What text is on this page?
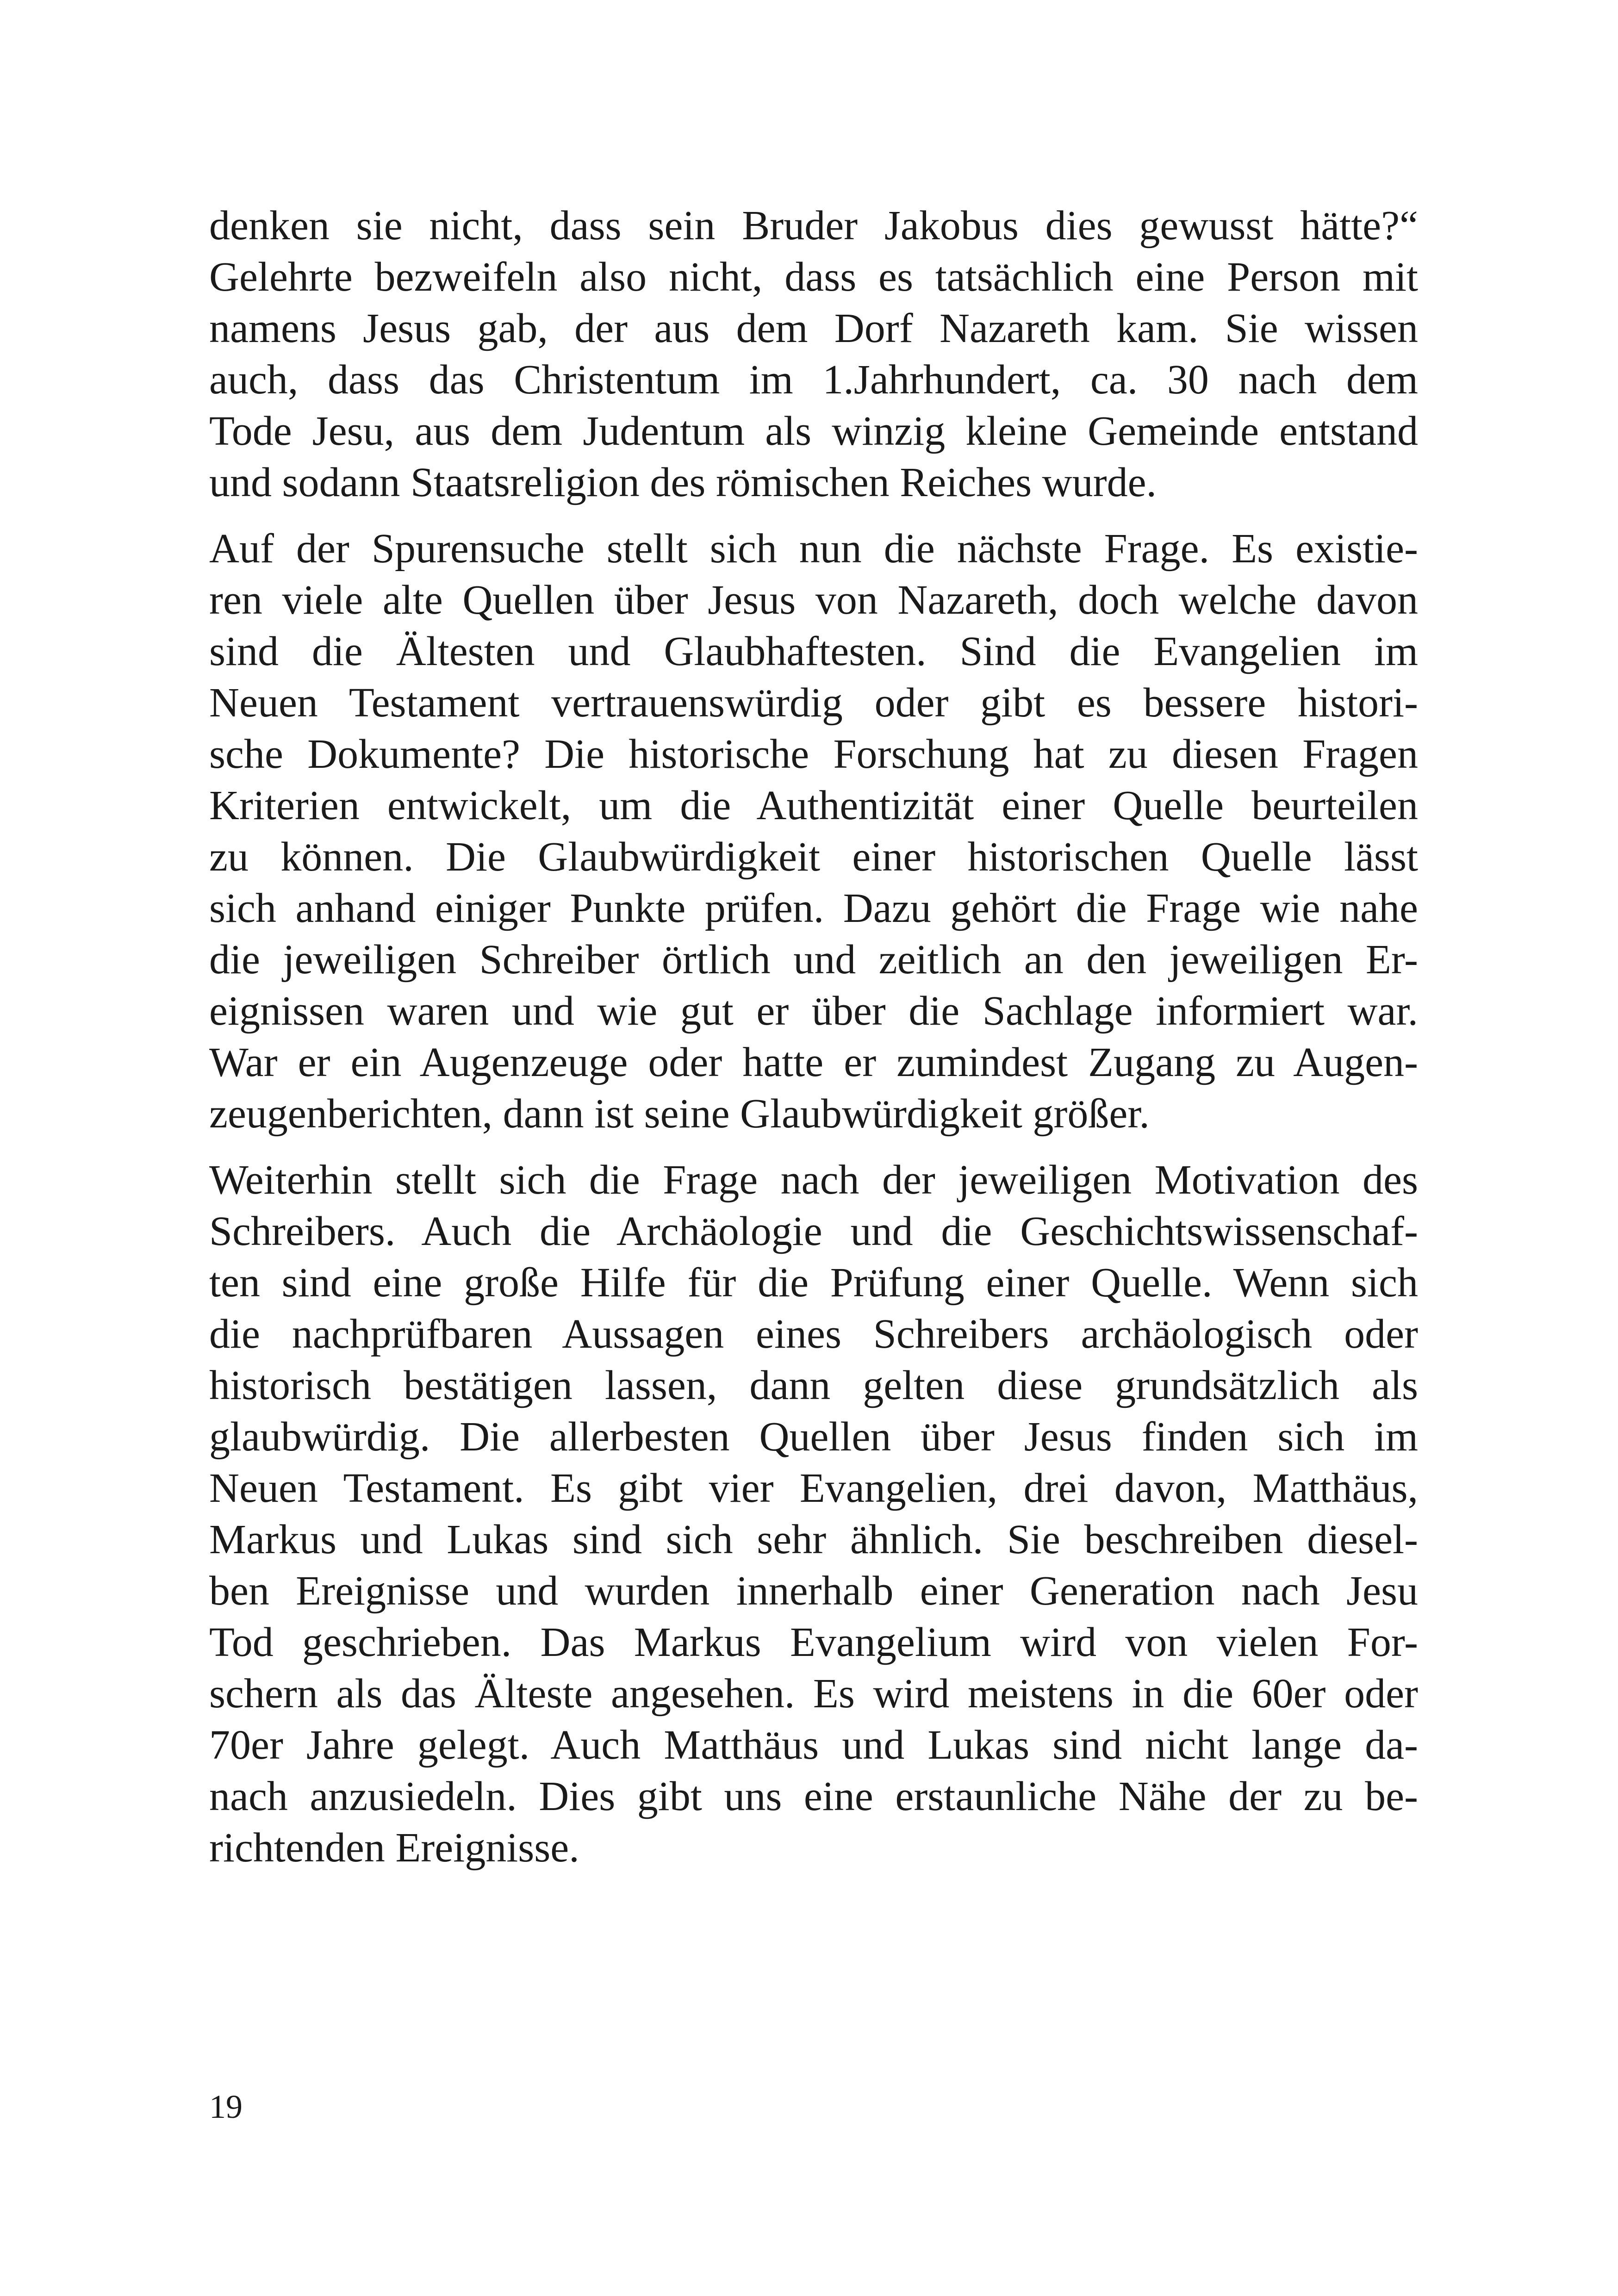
denken sie nicht, dass sein Bruder Jakobus dies gewusst hätte?“
Gelehrte bezweifeln also nicht, dass es tatsächlich eine Person mit
namens Jesus gab, der aus dem Dorf Nazareth kam. Sie wissen
auch, dass das Christentum im 1.Jahrhundert, ca. 30 nach dem
Tode Jesu, aus dem Judentum als winzig kleine Gemeinde entstand
und sodann Staatsreligion des römischen Reiches wurde.

Auf der Spurensuche stellt sich nun die nächste Frage. Es existie-
ren viele alte Quellen über Jesus von Nazareth, doch welche davon
sind die Ältesten und Glaubhaftesten. Sind die Evangelien im
Neuen Testament vertrauenswürdig oder gibt es bessere histori-
sche Dokumente? Die historische Forschung hat zu diesen Fragen
Kriterien entwickelt, um die Authentizität einer Quelle beurteilen
zu können. Die Glaubwürdigkeit einer historischen Quelle lässt
sich anhand einiger Punkte prüfen. Dazu gehört die Frage wie nahe
die jeweiligen Schreiber örtlich und zeitlich an den jeweiligen Er-
eignissen waren und wie gut er über die Sachlage informiert war.
War er ein Augenzeuge oder hatte er zumindest Zugang zu Augen-
zeugenberichten, dann ist seine Glaubwürdigkeit größer.

Weiterhin stellt sich die Frage nach der jeweiligen Motivation des
Schreibers. Auch die Archäologie und die Geschichtswissenschaf-
ten sind eine große Hilfe für die Prüfung einer Quelle. Wenn sich
die nachprüfbaren Aussagen eines Schreibers archäologisch oder
historisch bestätigen lassen, dann gelten diese grundsätzlich als
glaubwürdig. Die allerbesten Quellen über Jesus finden sich im
Neuen Testament. Es gibt vier Evangelien, drei davon, Matthäus,
Markus und Lukas sind sich sehr ähnlich. Sie beschreiben diesel-
ben Ereignisse und wurden innerhalb einer Generation nach Jesu
Tod geschrieben. Das Markus Evangelium wird von vielen For-
schern als das Älteste angesehen. Es wird meistens in die 60er oder
70er Jahre gelegt. Auch Matthäus und Lukas sind nicht lange da-
nach anzusiedeln. Dies gibt uns eine erstaunliche Nähe der zu be-
richtenden Ereignisse.

19
